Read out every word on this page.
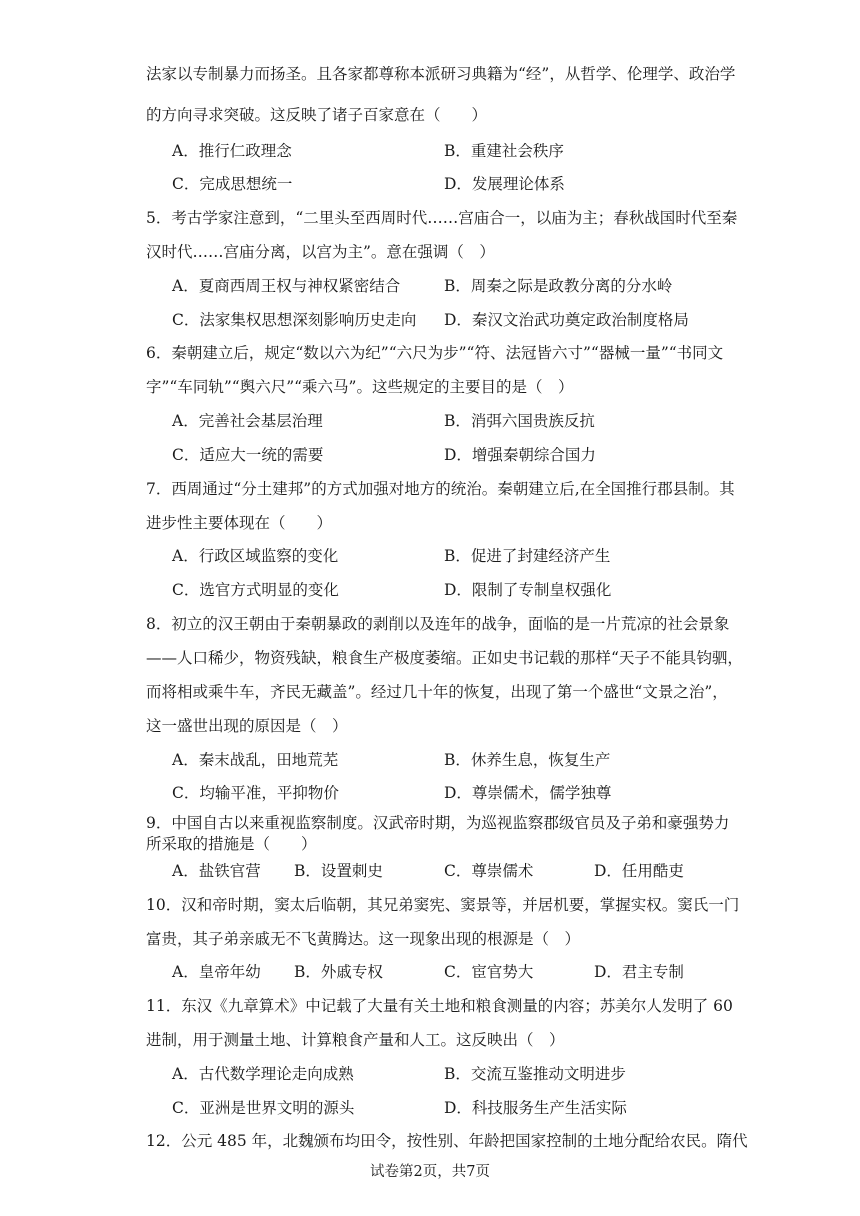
法家以专制暴力而扬圣。且各家都尊称本派研习典籍为“经”，从哲学、伦理学、政治学
的方向寻求突破。这反映了诸子百家意在（　　）
A．推行仁政理念	B．重建社会秩序
C．完成思想统一	D．发展理论体系
5．考古学家注意到，“二里头至西周时代……宫庙合一，以庙为主；春秋战国时代至秦
汉时代……宫庙分离，以宫为主”。意在强调（　）
A．夏商西周王权与神权紧密结合	B．周秦之际是政教分离的分水岭
C．法家集权思想深刻影响历史走向 D．秦汉文治武功奠定政治制度格局
6．秦朝建立后，规定“数以六为纪”“六尺为步”“符、法冠皆六寸”“器械一量”“书同文
字”“车同轨”“舆六尺”“乘六马”。这些规定的主要目的是（　）
A．完善社会基层治理	B．消弭六国贵族反抗
C．适应大一统的需要	D．增强秦朝综合国力
7．西周通过“分土建邦”的方式加强对地方的统治。秦朝建立后,在全国推行郡县制。其
进步性主要体现在（　　）
A．行政区域监察的变化	B．促进了封建经济产生
C．选官方式明显的变化	D．限制了专制皇权强化
8．初立的汉王朝由于秦朝暴政的剥削以及连年的战争，面临的是一片荒凉的社会景象
——人口稀少，物资残缺，粮食生产极度萎缩。正如史书记载的那样“天子不能具钧驷，
而将相或乘牛车，齐民无藏盖”。经过几十年的恢复，出现了第一个盛世“文景之治”，
这一盛世出现的原因是（　）
A．秦末战乱，田地荒芜	B．休养生息，恢复生产
C．均输平准，平抑物价	D．尊崇儒术，儒学独尊
9．中国自古以来重视监察制度。汉武帝时期，为巡视监察郡级官员及子弟和豪强势力
所采取的措施是（　　）
A．盐铁官营 B．设置刺史	C．尊崇儒术	D．任用酷吏
10．汉和帝时期，窦太后临朝，其兄弟窦宪、窦景等，并居机要，掌握实权。窦氏一门
富贵，其子弟亲戚无不飞黄腾达。这一现象出现的根源是（　）
A．皇帝年幼 B．外戚专权	C．宦官势大	D．君主专制
11．东汉《九章算术》中记载了大量有关土地和粮食测量的内容；苏美尔人发明了 60
进制，用于测量土地、计算粮食产量和人工。这反映出（　）
A．古代数学理论走向成熟	B．交流互鉴推动文明进步
C．亚洲是世界文明的源头	D．科技服务生产生活实际
12．公元 485 年，北魏颁布均田令，按性别、年龄把国家控制的土地分配给农民。隋代
试卷第2页，共7页
